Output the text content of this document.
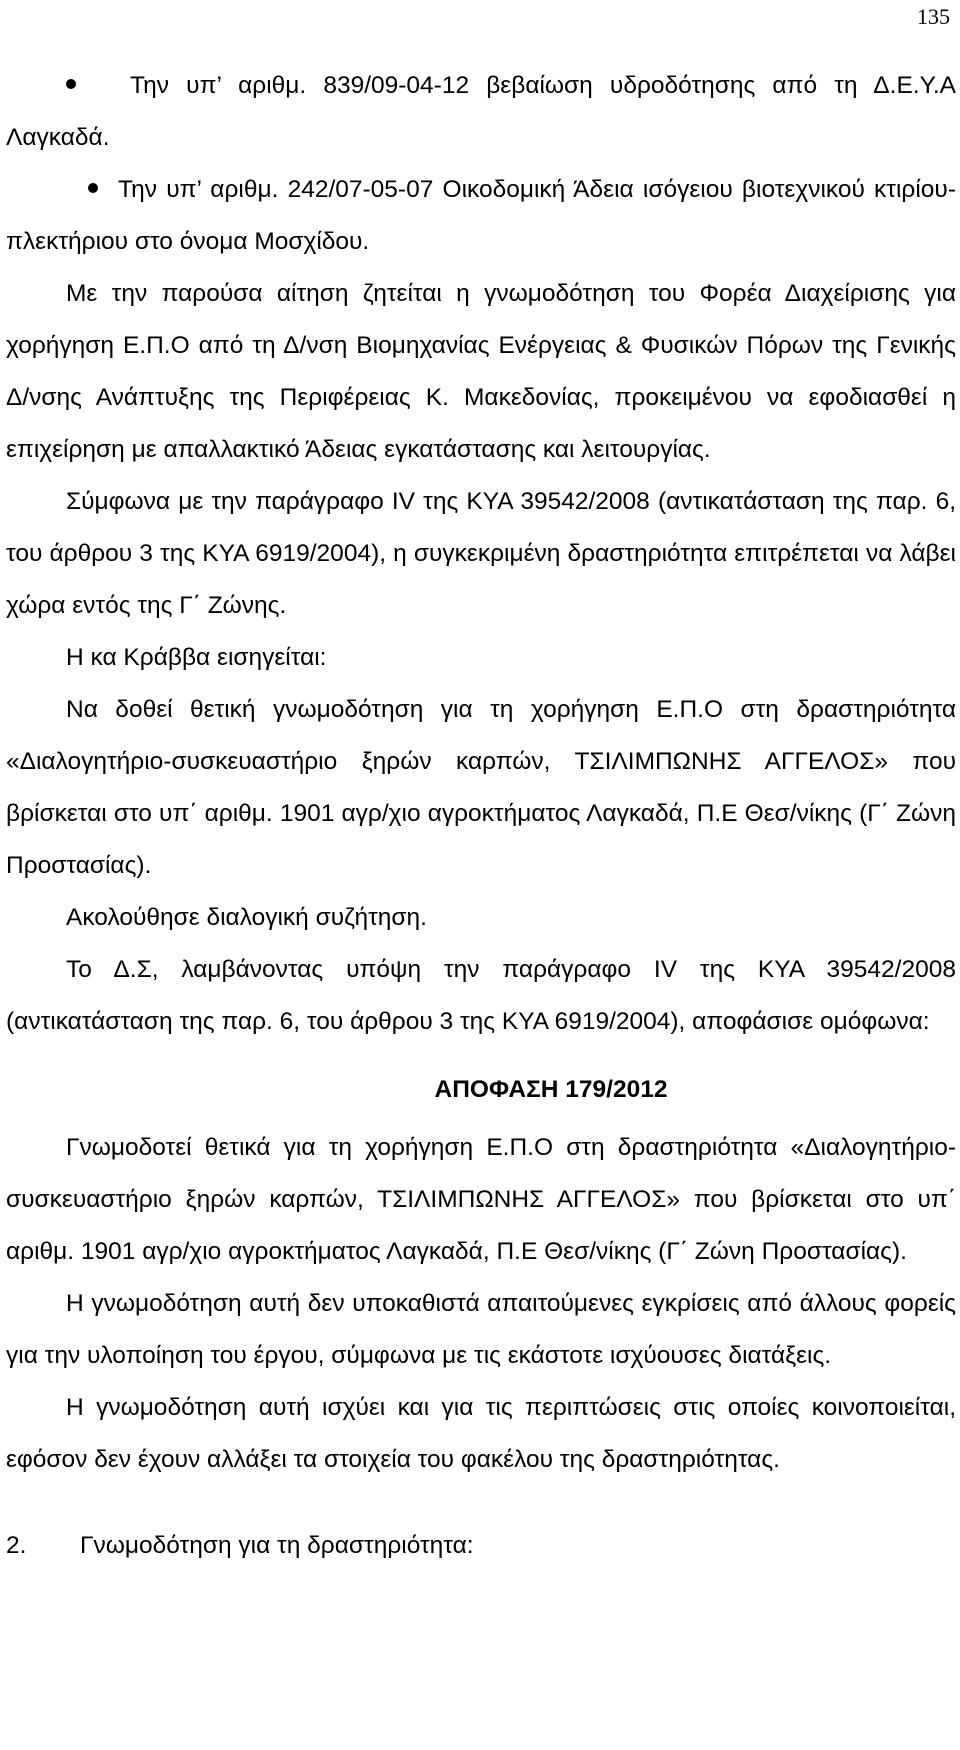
135
Την υπ’ αριθμ. 839/09-04-12 βεβαίωση υδροδότησης από τη Δ.Ε.Υ.Α Λαγκαδά.
Την υπ’ αριθμ. 242/07-05-07 Οικοδομική Άδεια ισόγειου βιοτεχνικού κτιρίου-πλεκτήριου στο όνομα Μοσχίδου.
Με την παρούσα αίτηση ζητείται η γνωμοδότηση του Φορέα Διαχείρισης για χορήγηση Ε.Π.Ο από τη Δ/νση Βιομηχανίας Ενέργειας & Φυσικών Πόρων της Γενικής Δ/νσης Ανάπτυξης της Περιφέρειας Κ. Μακεδονίας, προκειμένου να εφοδιασθεί η επιχείρηση με απαλλακτικό Άδειας εγκατάστασης και λειτουργίας.
Σύμφωνα με την παράγραφο IV της ΚΥΑ 39542/2008 (αντικατάσταση της παρ. 6, του άρθρου 3 της ΚΥΑ 6919/2004), η συγκεκριμένη δραστηριότητα επιτρέπεται να λάβει χώρα εντός της Γ΄ Ζώνης.
Η κα Κράββα εισηγείται:
Να δοθεί θετική γνωμοδότηση για τη χορήγηση Ε.Π.Ο στη δραστηριότητα «Διαλογητήριο-συσκευαστήριο ξηρών καρπών, ΤΣΙΛΙΜΠΩΝΗΣ ΑΓΓΕΛΟΣ» που βρίσκεται στο υπ΄ αριθμ. 1901 αγρ/χιο αγροκτήματος Λαγκαδά, Π.Ε Θεσ/νίκης (Γ΄ Ζώνη Προστασίας).
Ακολούθησε διαλογική συζήτηση.
Το Δ.Σ, λαμβάνοντας υπόψη την παράγραφο IV της ΚΥΑ 39542/2008 (αντικατάσταση της παρ. 6, του άρθρου 3 της ΚΥΑ 6919/2004), αποφάσισε ομόφωνα:
ΑΠΟΦΑΣΗ 179/2012
Γνωμοδοτεί θετικά για τη χορήγηση Ε.Π.Ο στη δραστηριότητα «Διαλογητήριο-συσκευαστήριο ξηρών καρπών, ΤΣΙΛΙΜΠΩΝΗΣ ΑΓΓΕΛΟΣ» που βρίσκεται στο υπ΄ αριθμ. 1901 αγρ/χιο αγροκτήματος Λαγκαδά, Π.Ε Θεσ/νίκης (Γ΄ Ζώνη Προστασίας).
Η γνωμοδότηση αυτή δεν υποκαθιστά απαιτούμενες εγκρίσεις από άλλους φορείς για την υλοποίηση του έργου, σύμφωνα με τις εκάστοτε ισχύουσες διατάξεις.
Η γνωμοδότηση αυτή ισχύει και για τις περιπτώσεις στις οποίες κοινοποιείται, εφόσον δεν έχουν αλλάξει τα στοιχεία του φακέλου της δραστηριότητας.
2. Γνωμοδότηση για τη δραστηριότητα:
